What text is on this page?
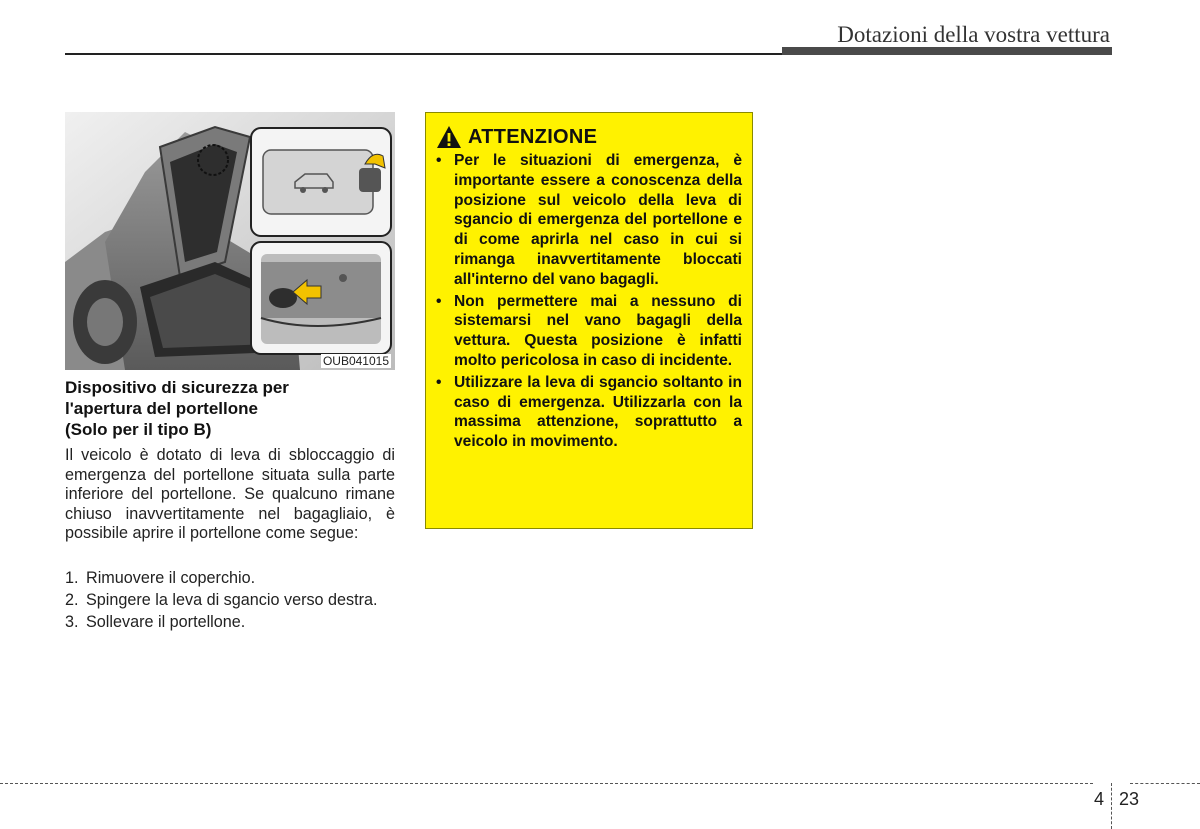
Dotazioni della vostra vettura
OUB041015
Dispositivo di sicurezza per
l'apertura del portellone
(Solo per il tipo B)
Il veicolo è dotato di leva di sbloccaggio di emergenza del portellone situata sulla parte inferiore del portellone. Se qualcuno rimane chiuso inavvertitamente nel bagagliaio, è possibile aprire il portellone come segue:
1. Rimuovere il coperchio.
2. Spingere la leva di sgancio verso destra.
3. Sollevare il portellone.
ATTENZIONE
• Per le situazioni di emergenza, è importante essere a conoscenza della posizione sul veicolo della leva di sgancio di emergenza del portellone e di come aprirla nel caso in cui si rimanga inavvertitamente bloccati all'interno del vano bagagli.
• Non permettere mai a nessuno di sistemarsi nel vano bagagli della vettura. Questa posizione è infatti molto pericolosa in caso di incidente.
• Utilizzare la leva di sgancio soltanto in caso di emergenza. Utilizzarla con la massima attenzione, soprattutto a veicolo in movimento.
4 23
